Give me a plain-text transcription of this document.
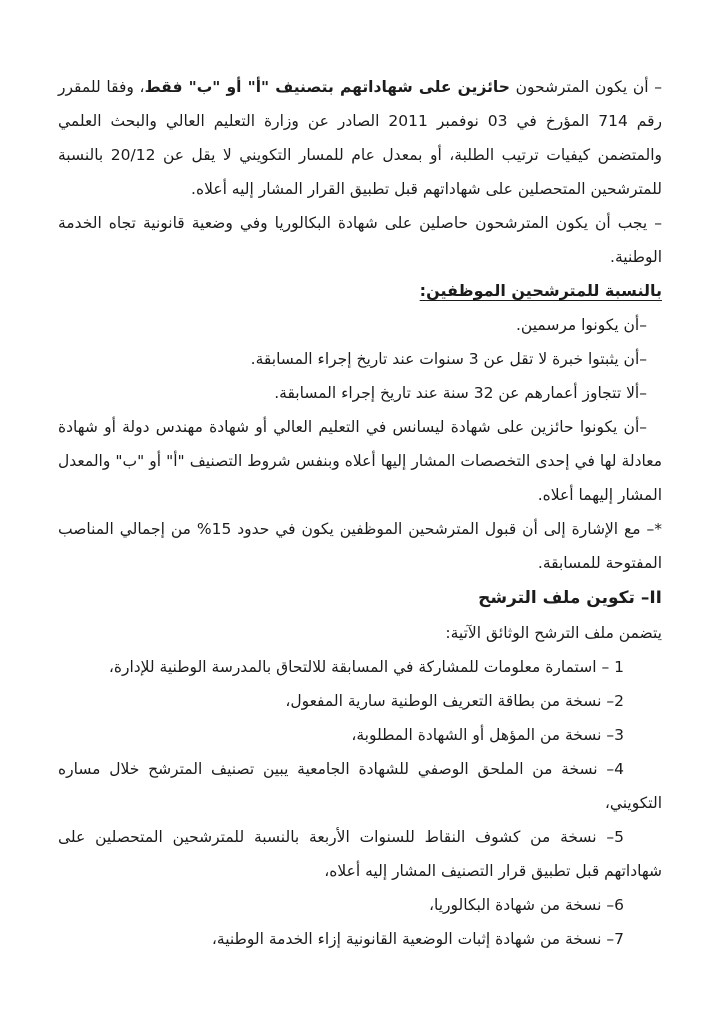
– أن يكون المترشحون حائزين على شهاداتهم بتصنيف "أ" أو "ب" فقط، وفقا للمقرر رقم 714 المؤرخ في 03 نوفمبر 2011 الصادر عن وزارة التعليم العالي والبحث العلمي والمتضمن كيفيات ترتيب الطلبة، أو بمعدل عام للمسار التكويني لا يقل عن 20/12 بالنسبة للمترشحين المتحصلين على شهاداتهم قبل تطبيق القرار المشار إليه أعلاه.

– يجب أن يكون المترشحون حاصلين على شهادة البكالوريا وفي وضعية قانونية تجاه الخدمة الوطنية.

بالنسبة للمترشحين الموظفين:

–أن يكونوا مرسمين.

–أن يثبتوا خبرة لا تقل عن 3 سنوات عند تاريخ إجراء المسابقة.

–ألا تتجاوز أعمارهم عن 32 سنة عند تاريخ إجراء المسابقة.

–أن يكونوا حائزين على شهادة ليسانس في التعليم العالي أو شهادة مهندس دولة أو شهادة معادلة لها في إحدى التخصصات المشار إليها أعلاه وبنفس شروط التصنيف "أ" أو "ب" والمعدل المشار إليهما أعلاه.

*– مع الإشارة إلى أن قبول المترشحين الموظفين يكون في حدود 15% من إجمالي المناصب المفتوحة للمسابقة.

II– تكوين ملف الترشح

يتضمن ملف الترشح الوثائق الآتية:

1 – استمارة معلومات للمشاركة في المسابقة للالتحاق بالمدرسة الوطنية للإدارة،

2– نسخة من بطاقة التعريف الوطنية سارية المفعول،

3– نسخة من المؤهل أو الشهادة المطلوبة،

4– نسخة من الملحق الوصفي للشهادة الجامعية يبين تصنيف المترشح خلال مساره التكويني،

5– نسخة من كشوف النقاط للسنوات الأربعة بالنسبة للمترشحين المتحصلين على شهاداتهم قبل تطبيق قرار التصنيف المشار إليه أعلاه،

6– نسخة من شهادة البكالوريا،

7– نسخة من شهادة إثبات الوضعية القانونية إزاء الخدمة الوطنية،
